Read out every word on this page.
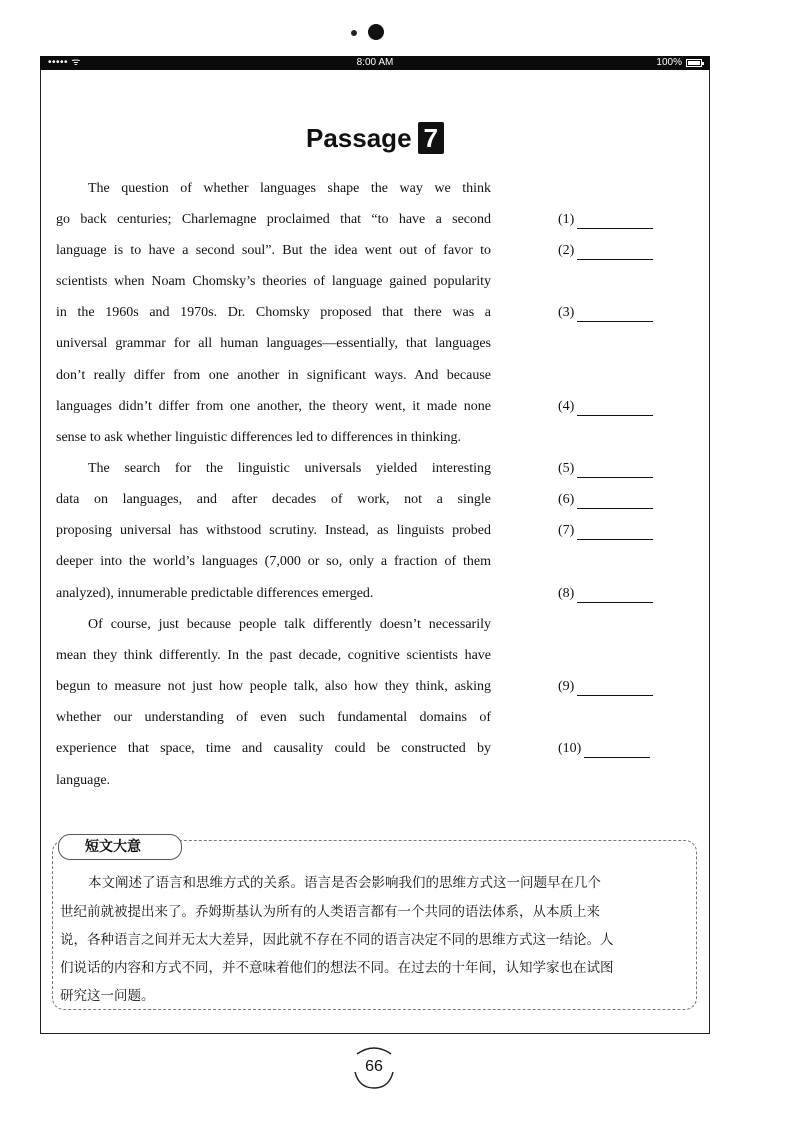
••••• ᯤ	8:00 AM	100%
Passage 7
The question of whether languages shape the way we think
go back centuries; Charlemagne proclaimed that “to have a second
language is to have a second soul”. But the idea went out of favor to
scientists when Noam Chomsky’s theories of language gained popularity
in the 1960s and 1970s. Dr. Chomsky proposed that there was a
universal grammar for all human languages—essentially, that languages
don’t really differ from one another in significant ways. And because
languages didn’t differ from one another, the theory went, it made none
sense to ask whether linguistic differences led to differences in thinking.
The search for the linguistic universals yielded interesting
data on languages, and after decades of work, not a single
proposing universal has withstood scrutiny. Instead, as linguists probed
deeper into the world’s languages (7,000 or so, only a fraction of them
analyzed), innumerable predictable differences emerged.
Of course, just because people talk differently doesn’t necessarily
mean they think differently. In the past decade, cognitive scientists have
begun to measure not just how people talk, also how they think, asking
whether our understanding of even such fundamental domains of
experience that space, time and causality could be constructed by
language.
(1)
(2)
(3)
(4)
(5)
(6)
(7)
(8)
(9)
(10)
短文大意
本文阐述了语言和思维方式的关系。语言是否会影响我们的思维方式这一问题早在几个
世纪前就被提出来了。乔姆斯基认为所有的人类语言都有一个共同的语法体系，从本质上来
说，各种语言之间并无太大差异，因此就不存在不同的语言决定不同的思维方式这一结论。人
们说话的内容和方式不同，并不意味着他们的想法不同。在过去的十年间，认知学家也在试图
研究这一问题。
66
